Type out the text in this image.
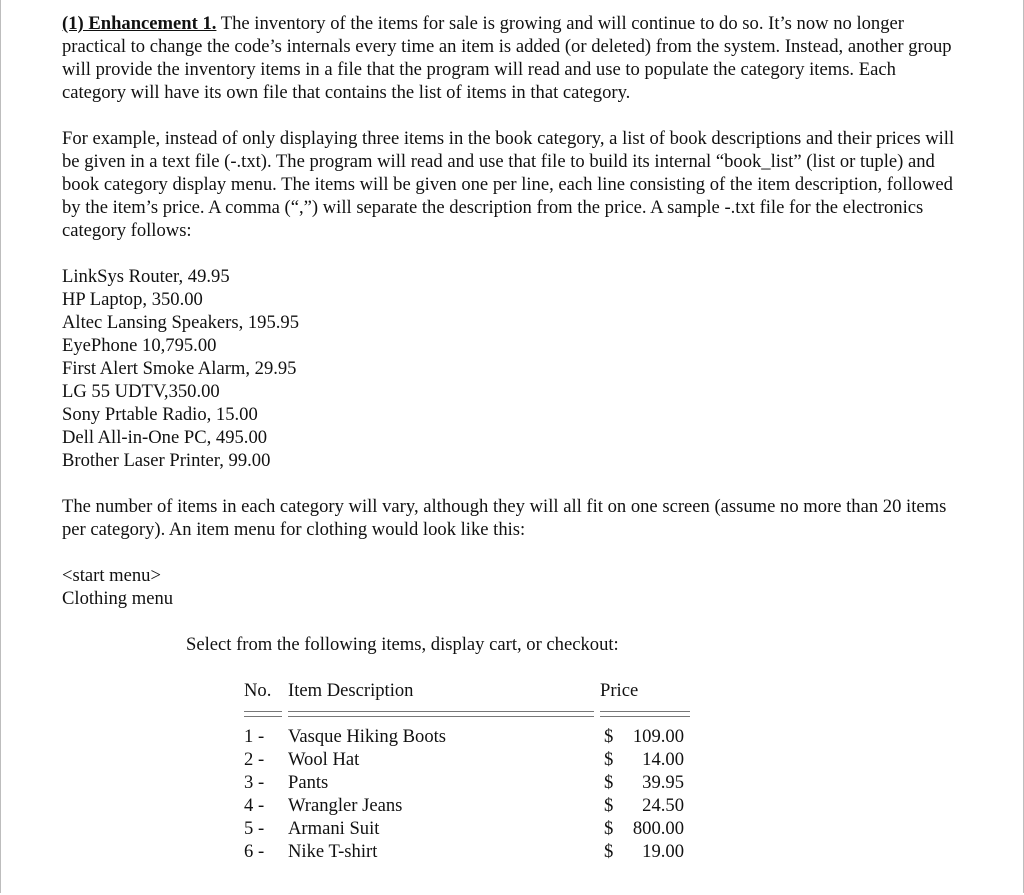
(1) Enhancement 1. The inventory of the items for sale is growing and will continue to do so. It’s now no longer practical to change the code’s internals every time an item is added (or deleted) from the system. Instead, another group will provide the inventory items in a file that the program will read and use to populate the category items. Each category will have its own file that contains the list of items in that category.

For example, instead of only displaying three items in the book category, a list of book descriptions and their prices will be given in a text file (-.txt). The program will read and use that file to build its internal “book_list” (list or tuple) and book category display menu. The items will be given one per line, each line consisting of the item description, followed by the item’s price. A comma (“,”) will separate the description from the price. A sample -.txt file for the electronics category follows:

LinkSys Router, 49.95
HP Laptop, 350.00
Altec Lansing Speakers, 195.95
EyePhone 10,795.00
First Alert Smoke Alarm, 29.95
LG 55 UDTV,350.00
Sony Prtable Radio, 15.00
Dell All-in-One PC, 495.00
Brother Laser Printer, 99.00

The number of items in each category will vary, although they will all fit on one screen (assume no more than 20 items per category). An item menu for clothing would look like this:

<start menu>
Clothing menu
Select from the following items, display cart, or checkout:
No. Item Description	Price
1 -	Vasque Hiking Boots	$ 109.00
2 -	Wool Hat	$ 14.00
3 -	Pants	$ 39.95
4 -	Wrangler Jeans	$ 24.50
5 -	Armani Suit	$ 800.00
6 -	Nike T-shirt	$ 19.00
